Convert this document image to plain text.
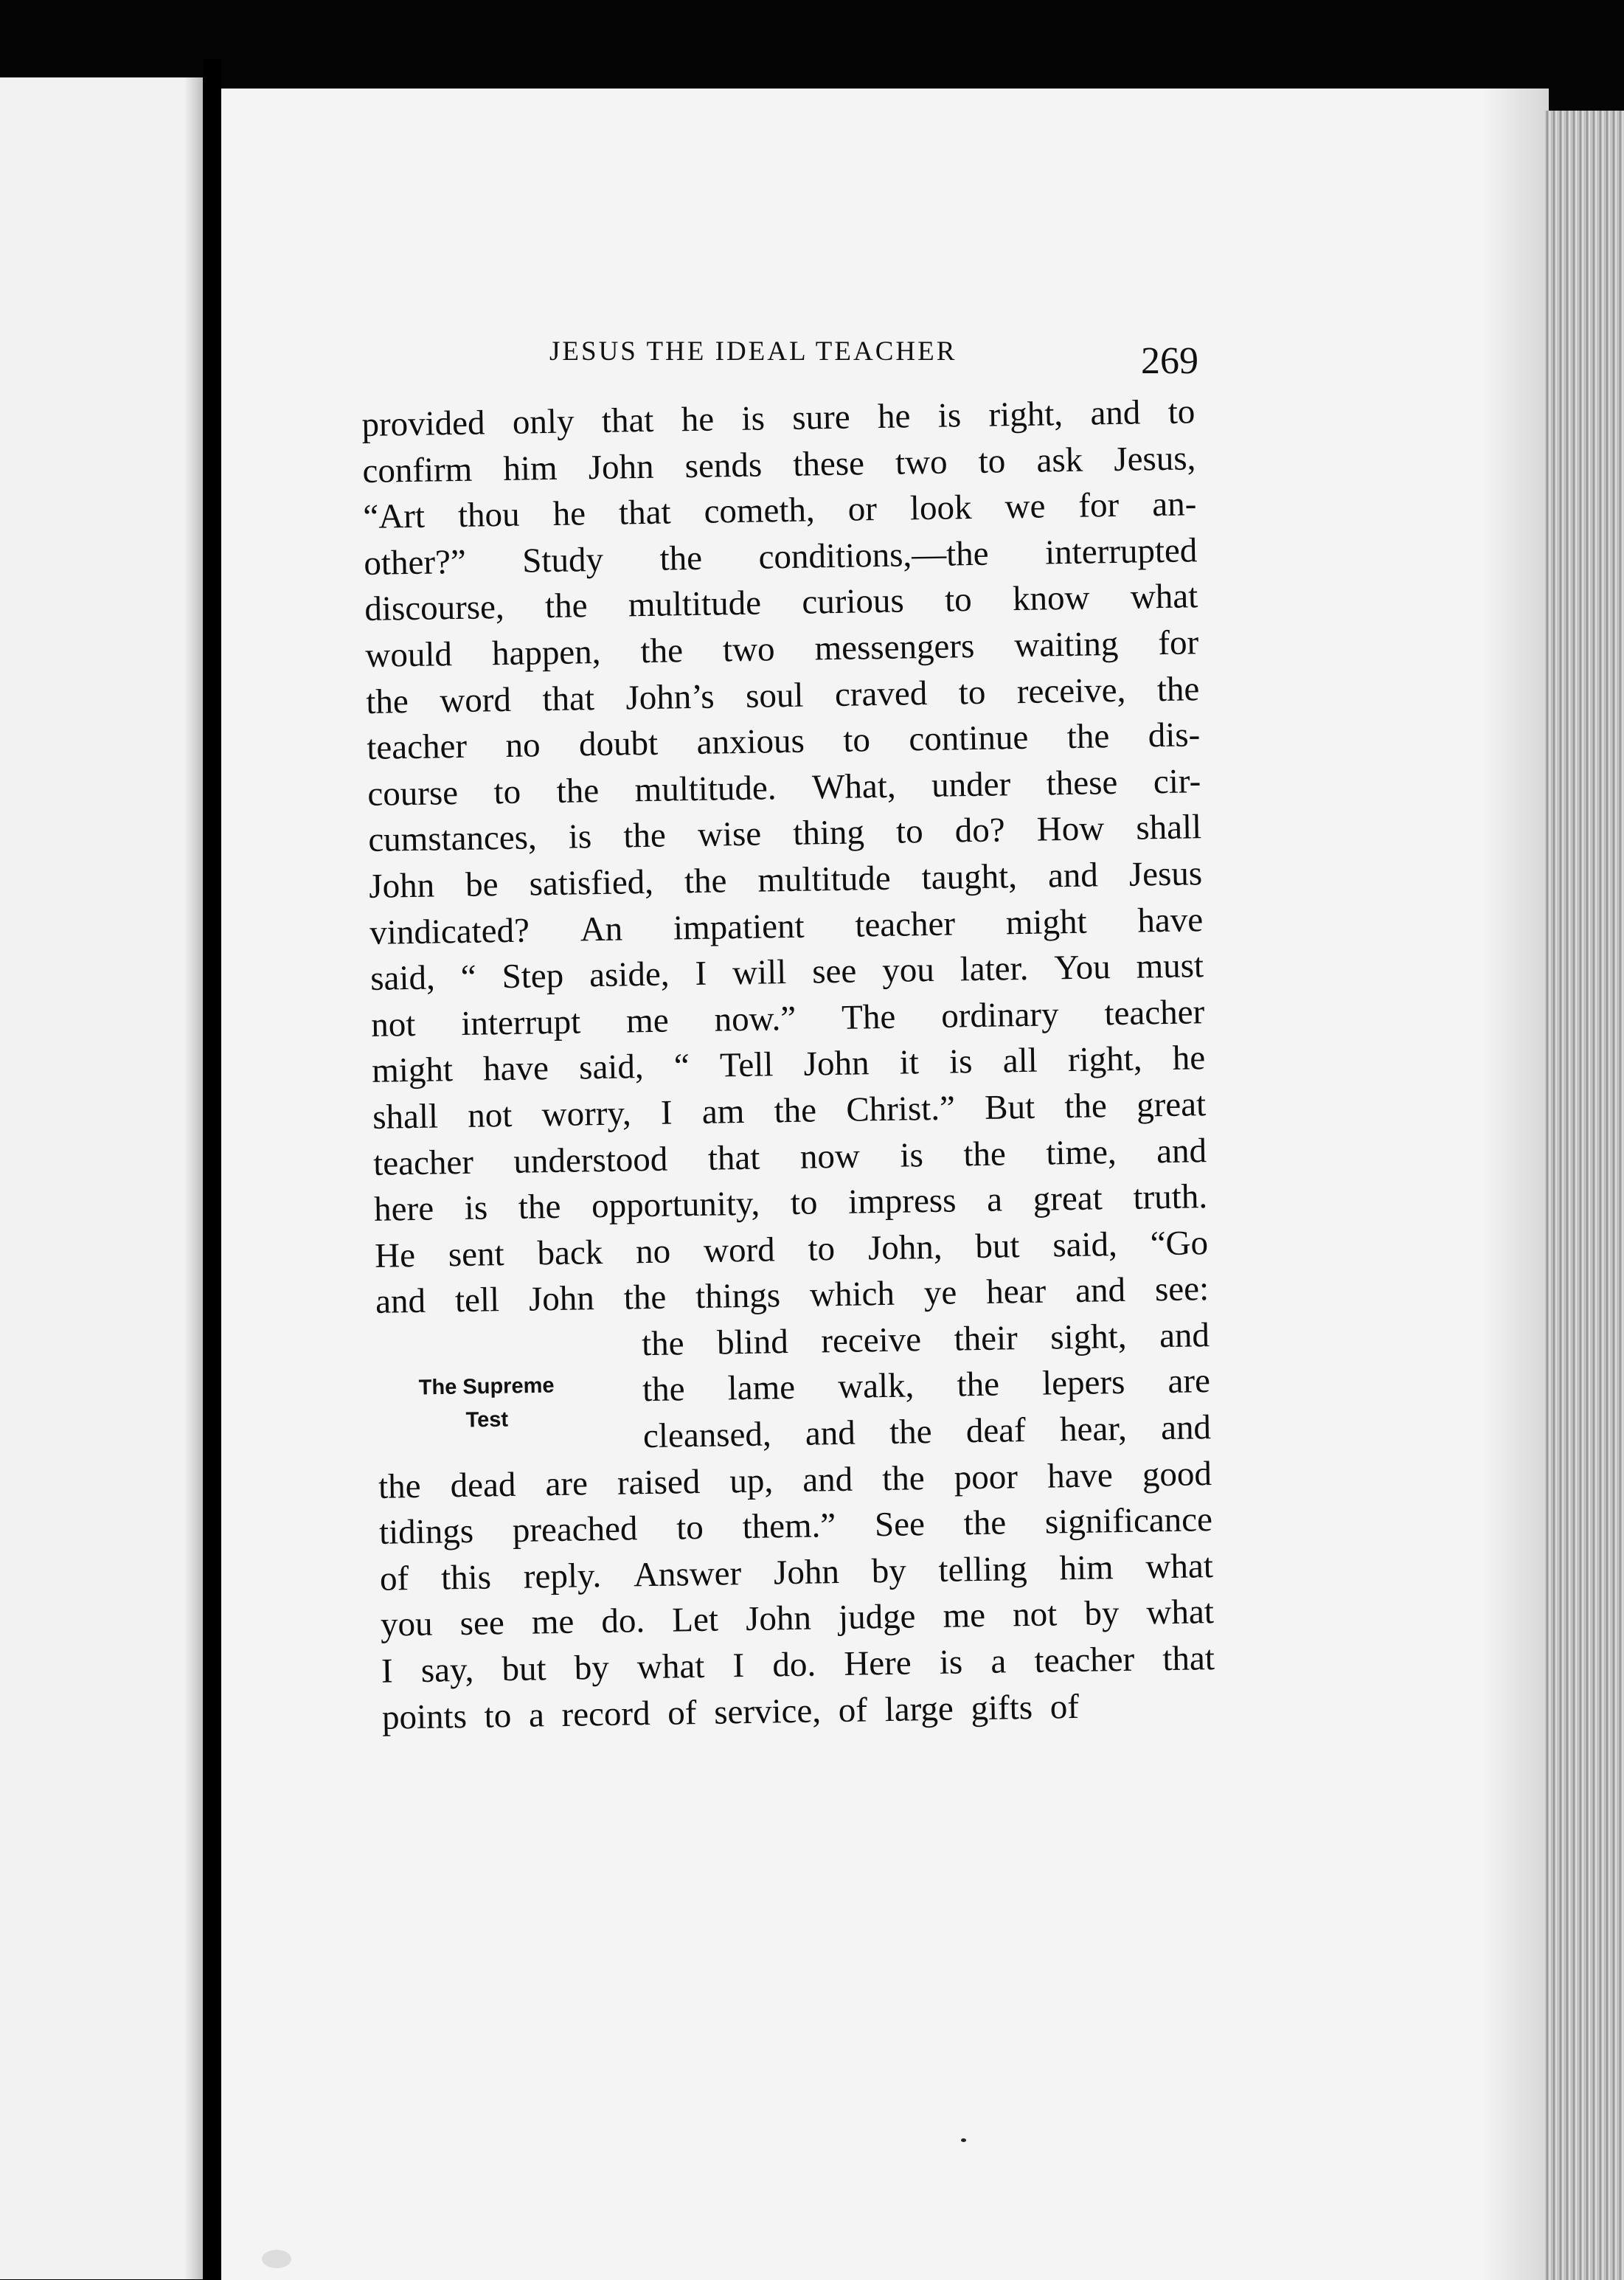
JESUS THE IDEAL TEACHER	269
provided only that he is sure he is right, and to
confirm him John sends these two to ask Jesus,
“Art thou he that cometh, or look we for an-
other?” Study the conditions,—the interrupted
discourse, the multitude curious to know what
would happen, the two messengers waiting for
the word that John’s soul craved to receive, the
teacher no doubt anxious to continue the dis-
course to the multitude. What, under these cir-
cumstances, is the wise thing to do? How shall
John be satisfied, the multitude taught, and Jesus
vindicated? An impatient teacher might have
said, “ Step aside, I will see you later. You must
not interrupt me now.” The ordinary teacher
might have said, “ Tell John it is all right, he
shall not worry, I am the Christ.” But the great
teacher understood that now is the time, and
here is the opportunity, to impress a great truth.
He sent back no word to John, but said, “Go
and tell John the things which ye hear and see:
the blind receive their sight, and
the lame walk, the lepers are
cleansed, and the deaf hear, and
the dead are raised up, and the poor have good
tidings preached to them.” See the significance
of this reply. Answer John by telling him what
you see me do. Let John judge me not by what
I say, but by what I do. Here is a teacher that
points to a record of service, of large gifts of
The Supreme
Test
